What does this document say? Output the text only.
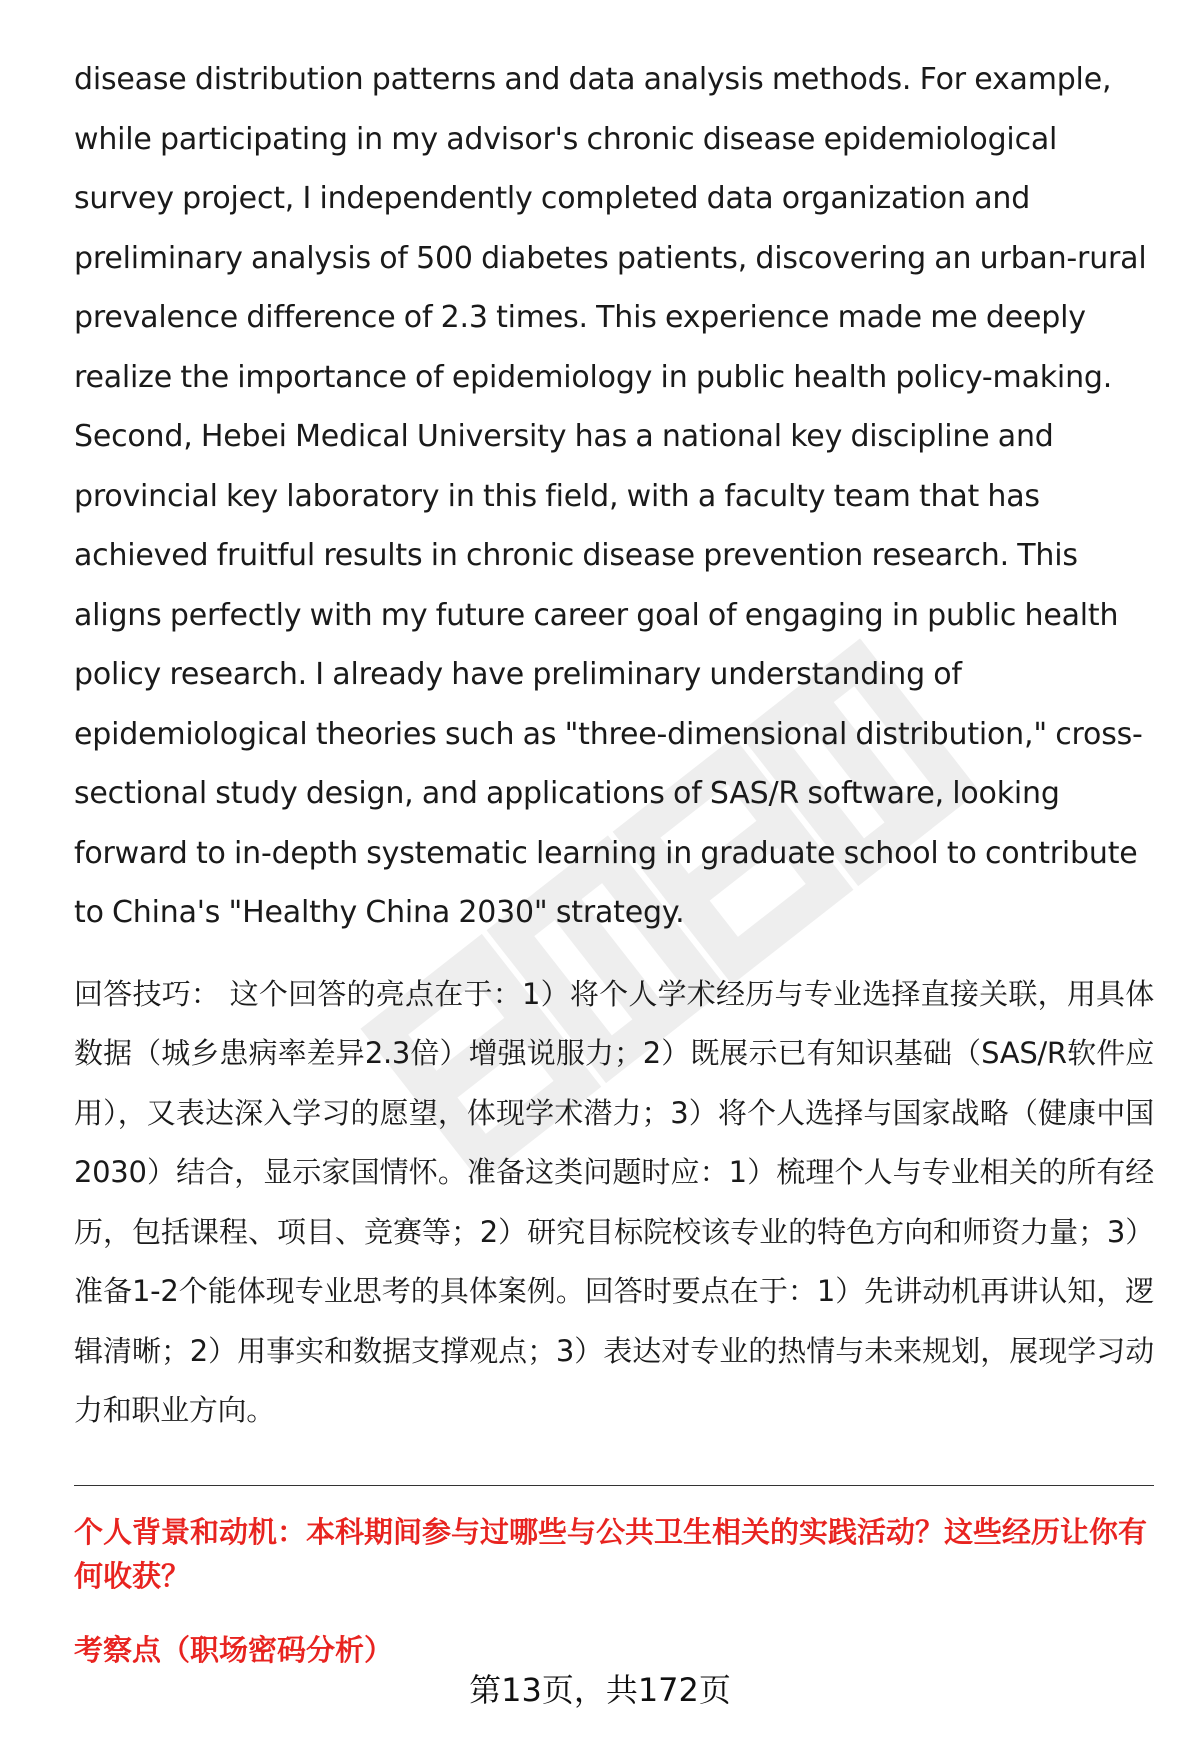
disease distribution patterns and data analysis methods. For example, while participating in my advisor's chronic disease epidemiological survey project, I independently completed data organization and preliminary analysis of 500 diabetes patients, discovering an urban-rural prevalence difference of 2.3 times. This experience made me deeply realize the importance of epidemiology in public health policy-making. Second, Hebei Medical University has a national key discipline and provincial key laboratory in this field, with a faculty team that has achieved fruitful results in chronic disease prevention research. This aligns perfectly with my future career goal of engaging in public health policy research. I already have preliminary understanding of epidemiological theories such as "three-dimensional distribution," cross-sectional study design, and applications of SAS/R software, looking forward to in-depth systematic learning in graduate school to contribute to China's "Healthy China 2030" strategy.

回答技巧： 这个回答的亮点在于：1）将个人学术经历与专业选择直接关联，用具体数据（城乡患病率差异2.3倍）增强说服力；2）既展示已有知识基础（SAS/R软件应用），又表达深入学习的愿望，体现学术潜力；3）将个人选择与国家战略（健康中国2030）结合，显示家国情怀。准备这类问题时应：1）梳理个人与专业相关的所有经历，包括课程、项目、竞赛等；2）研究目标院校该专业的特色方向和师资力量；3）准备1-2个能体现专业思考的具体案例。回答时要点在于：1）先讲动机再讲认知，逻辑清晰；2）用事实和数据支撑观点；3）表达对专业的热情与未来规划，展现学习动力和职业方向。

个人背景和动机：本科期间参与过哪些与公共卫生相关的实践活动？这些经历让你有何收获？

考察点（职场密码分析）

第13页，共172页
